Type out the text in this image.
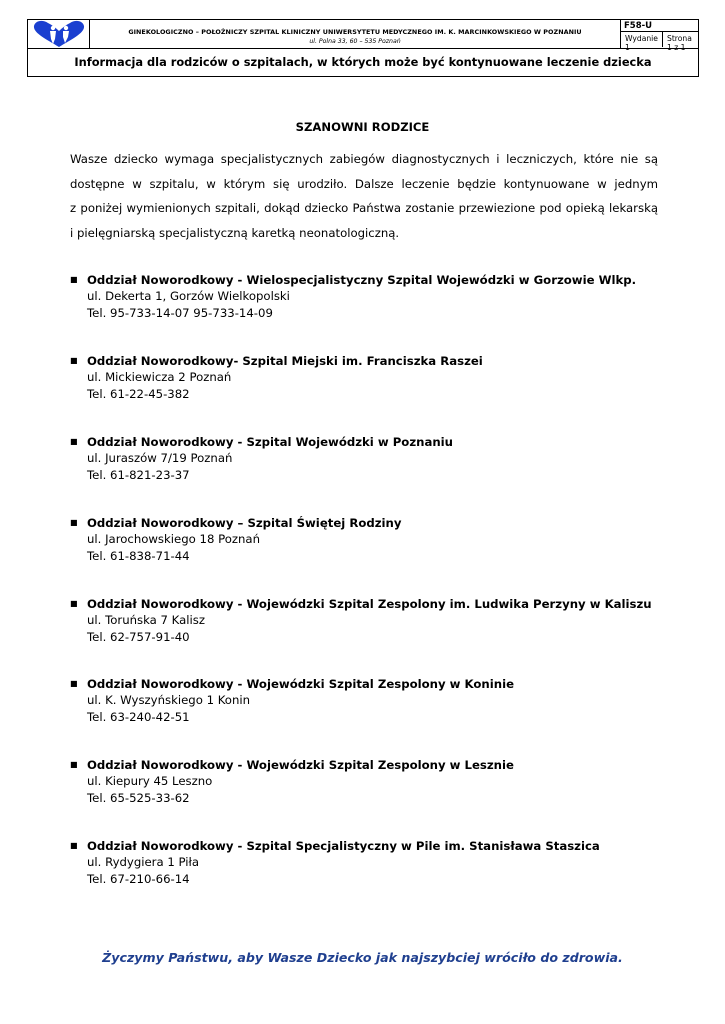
GINEKOLOGICZNO – POŁOŻNICZY SZPITAL KLINICZNY UNIWERSYTETU MEDYCZNEGO IM. K. MARCINKOWSKIEGO W POZNANIU
ul. Polna 33, 60 – 535 Poznań
F58-U
Wydanie 1
Strona 1 z 1
Informacja dla rodziców o szpitalach, w których może być kontynuowane leczenie dziecka
SZANOWNI RODZICE
Wasze dziecko wymaga specjalistycznych zabiegów diagnostycznych i leczniczych, które nie są
dostępne w szpitalu, w którym się urodziło. Dalsze leczenie będzie kontynuowane w jednym
z poniżej wymienionych szpitali, dokąd dziecko Państwa zostanie przewiezione pod opieką lekarską
i pielęgniarską specjalistyczną karetką neonatologiczną.
■ Oddział Noworodkowy - Wielospecjalistyczny Szpital Wojewódzki w Gorzowie Wlkp.
ul. Dekerta 1, Gorzów Wielkopolski
Tel. 95-733-14-07 95-733-14-09
■ Oddział Noworodkowy- Szpital Miejski im. Franciszka Raszei
ul. Mickiewicza 2 Poznań
Tel. 61-22-45-382
■ Oddział Noworodkowy - Szpital Wojewódzki w Poznaniu
ul. Juraszów 7/19 Poznań
Tel. 61-821-23-37
■ Oddział Noworodkowy – Szpital Świętej Rodziny
ul. Jarochowskiego 18 Poznań
Tel. 61-838-71-44
■ Oddział Noworodkowy - Wojewódzki Szpital Zespolony im. Ludwika Perzyny w Kaliszu
ul. Toruńska 7 Kalisz
Tel. 62-757-91-40
■ Oddział Noworodkowy - Wojewódzki Szpital Zespolony w Koninie
ul. K. Wyszyńskiego 1 Konin
Tel. 63-240-42-51
■ Oddział Noworodkowy - Wojewódzki Szpital Zespolony w Lesznie
ul. Kiepury 45 Leszno
Tel. 65-525-33-62
■ Oddział Noworodkowy - Szpital Specjalistyczny w Pile im. Stanisława Staszica
ul. Rydygiera 1 Piła
Tel. 67-210-66-14
Życzymy Państwu, aby Wasze Dziecko jak najszybciej wróciło do zdrowia.
